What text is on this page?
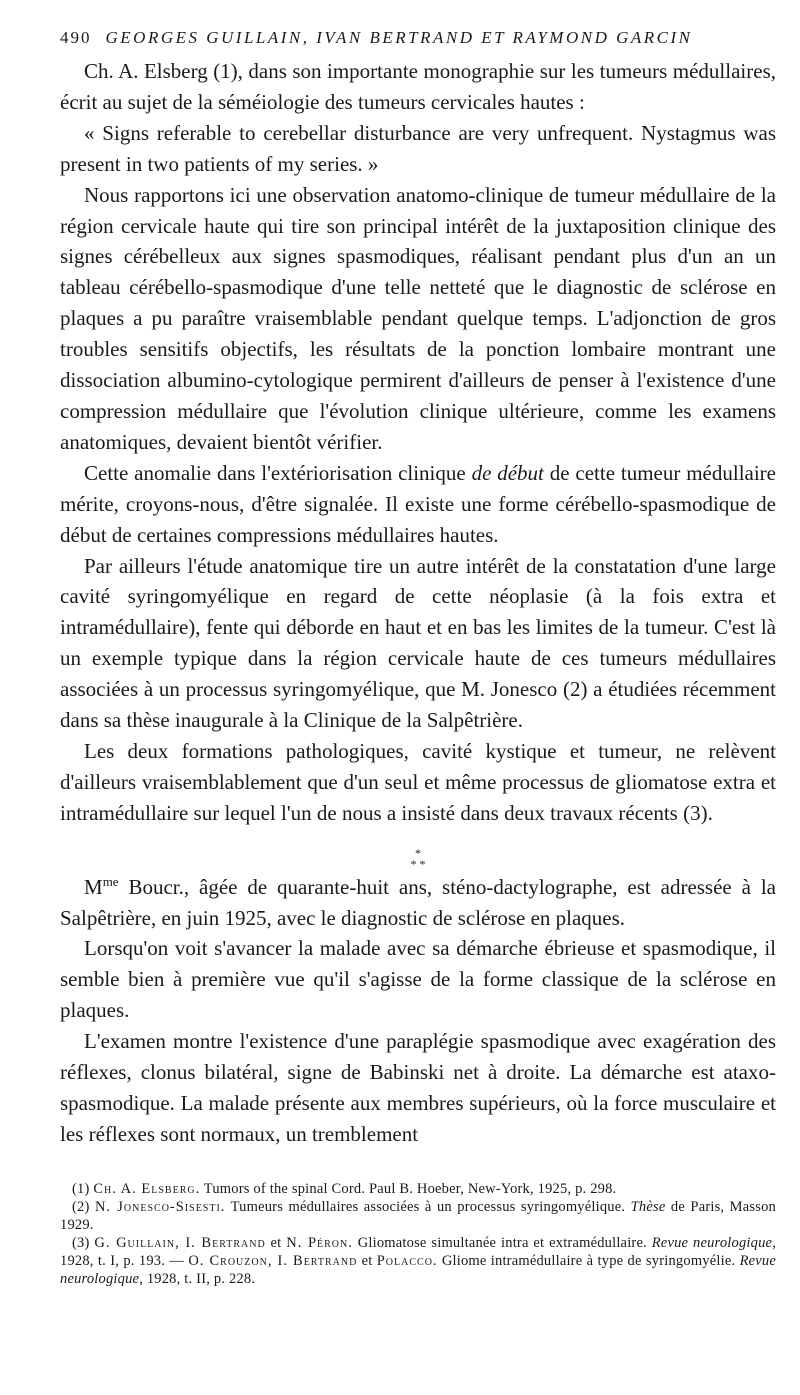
490 GEORGES GUILLAIN, IVAN BERTRAND ET RAYMOND GARCIN

Ch. A. Elsberg (1), dans son importante monographie sur les tumeurs médullaires, écrit au sujet de la séméiologie des tumeurs cervicales hautes :

« Signs referable to cerebellar disturbance are very unfrequent. Nystagmus was present in two patients of my series. »

Nous rapportons ici une observation anatomo-clinique de tumeur médullaire de la région cervicale haute qui tire son principal intérêt de la juxtaposition clinique des signes cérébelleux aux signes spasmodiques, réalisant pendant plus d'un an un tableau cérébello-spasmodique d'une telle netteté que le diagnostic de sclérose en plaques a pu paraître vraisemblable pendant quelque temps. L'adjonction de gros troubles sensitifs objectifs, les résultats de la ponction lombaire montrant une dissociation albumino-cytologique permirent d'ailleurs de penser à l'existence d'une compression médullaire que l'évolution clinique ultérieure, comme les examens anatomiques, devaient bientôt vérifier.

Cette anomalie dans l'extériorisation clinique de début de cette tumeur médullaire mérite, croyons-nous, d'être signalée. Il existe une forme cérébello-spasmodique de début de certaines compressions médullaires hautes.

Par ailleurs l'étude anatomique tire un autre intérêt de la constatation d'une large cavité syringomyélique en regard de cette néoplasie (à la fois extra et intramédullaire), fente qui déborde en haut et en bas les limites de la tumeur. C'est là un exemple typique dans la région cervicale haute de ces tumeurs médullaires associées à un processus syringomyélique, que M. Jonesco (2) a étudiées récemment dans sa thèse inaugurale à la Clinique de la Salpêtrière.

Les deux formations pathologiques, cavité kystique et tumeur, ne relèvent d'ailleurs vraisemblablement que d'un seul et même processus de gliomatose extra et intramédullaire sur lequel l'un de nous a insisté dans deux travaux récents (3).

*
* *

$M^{me}$ Boucr., âgée de quarante-huit ans, sténo-dactylographe, est adressée à la Salpêtrière, en juin 1925, avec le diagnostic de sclérose en plaques.

Lorsqu'on voit s'avancer la malade avec sa démarche ébrieuse et spasmodique, il semble bien à première vue qu'il s'agisse de la forme classique de la sclérose en plaques.

L'examen montre l'existence d'une paraplégie spasmodique avec exagération des réflexes, clonus bilatéral, signe de Babinski net à droite. La démarche est ataxo-spasmodique. La malade présente aux membres supérieurs, où la force musculaire et les réflexes sont normaux, un tremblement

(1) Ch. A. Elsberg. Tumors of the spinal Cord. Paul B. Hoeber, New-York, 1925, p. 298.

(2) N. Jonesco-Sisesti. Tumeurs médullaires associées à un processus syringomyélique. Thèse de Paris, Masson 1929.

(3) G. Guillain, I. Bertrand et N. Péron. Gliomatose simultanée intra et extramédullaire. Revue neurologique, 1928, t. I, p. 193. — O. Crouzon, I. Bertrand et Polacco. Gliome intramédullaire à type de syringomyélie. Revue neurologique, 1928, t. II, p. 228.
